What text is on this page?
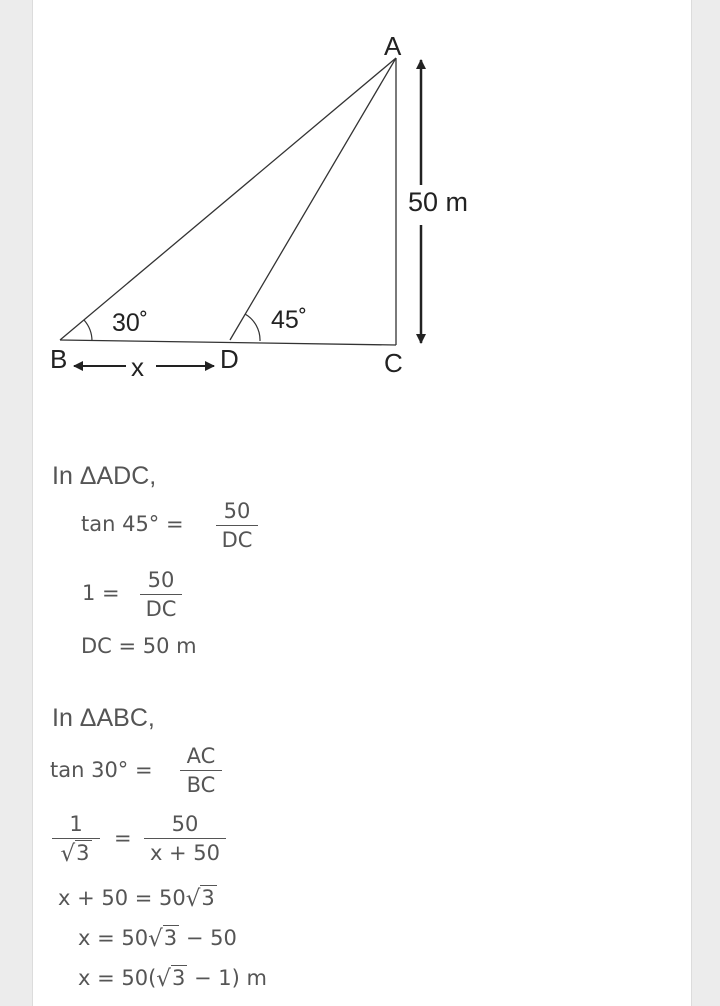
A
B	C
D
50 m
30˚	45˚
x
In ΔADC,
tan 45° =
50
DC
1 =
50
DC
DC = 50 m
In ΔABC,
tan 30° =
AC
BC
1
√3
=
50
x + 50
x + 50 = 50√3
x = 50√3 − 50
x = 50(√3 − 1) m
